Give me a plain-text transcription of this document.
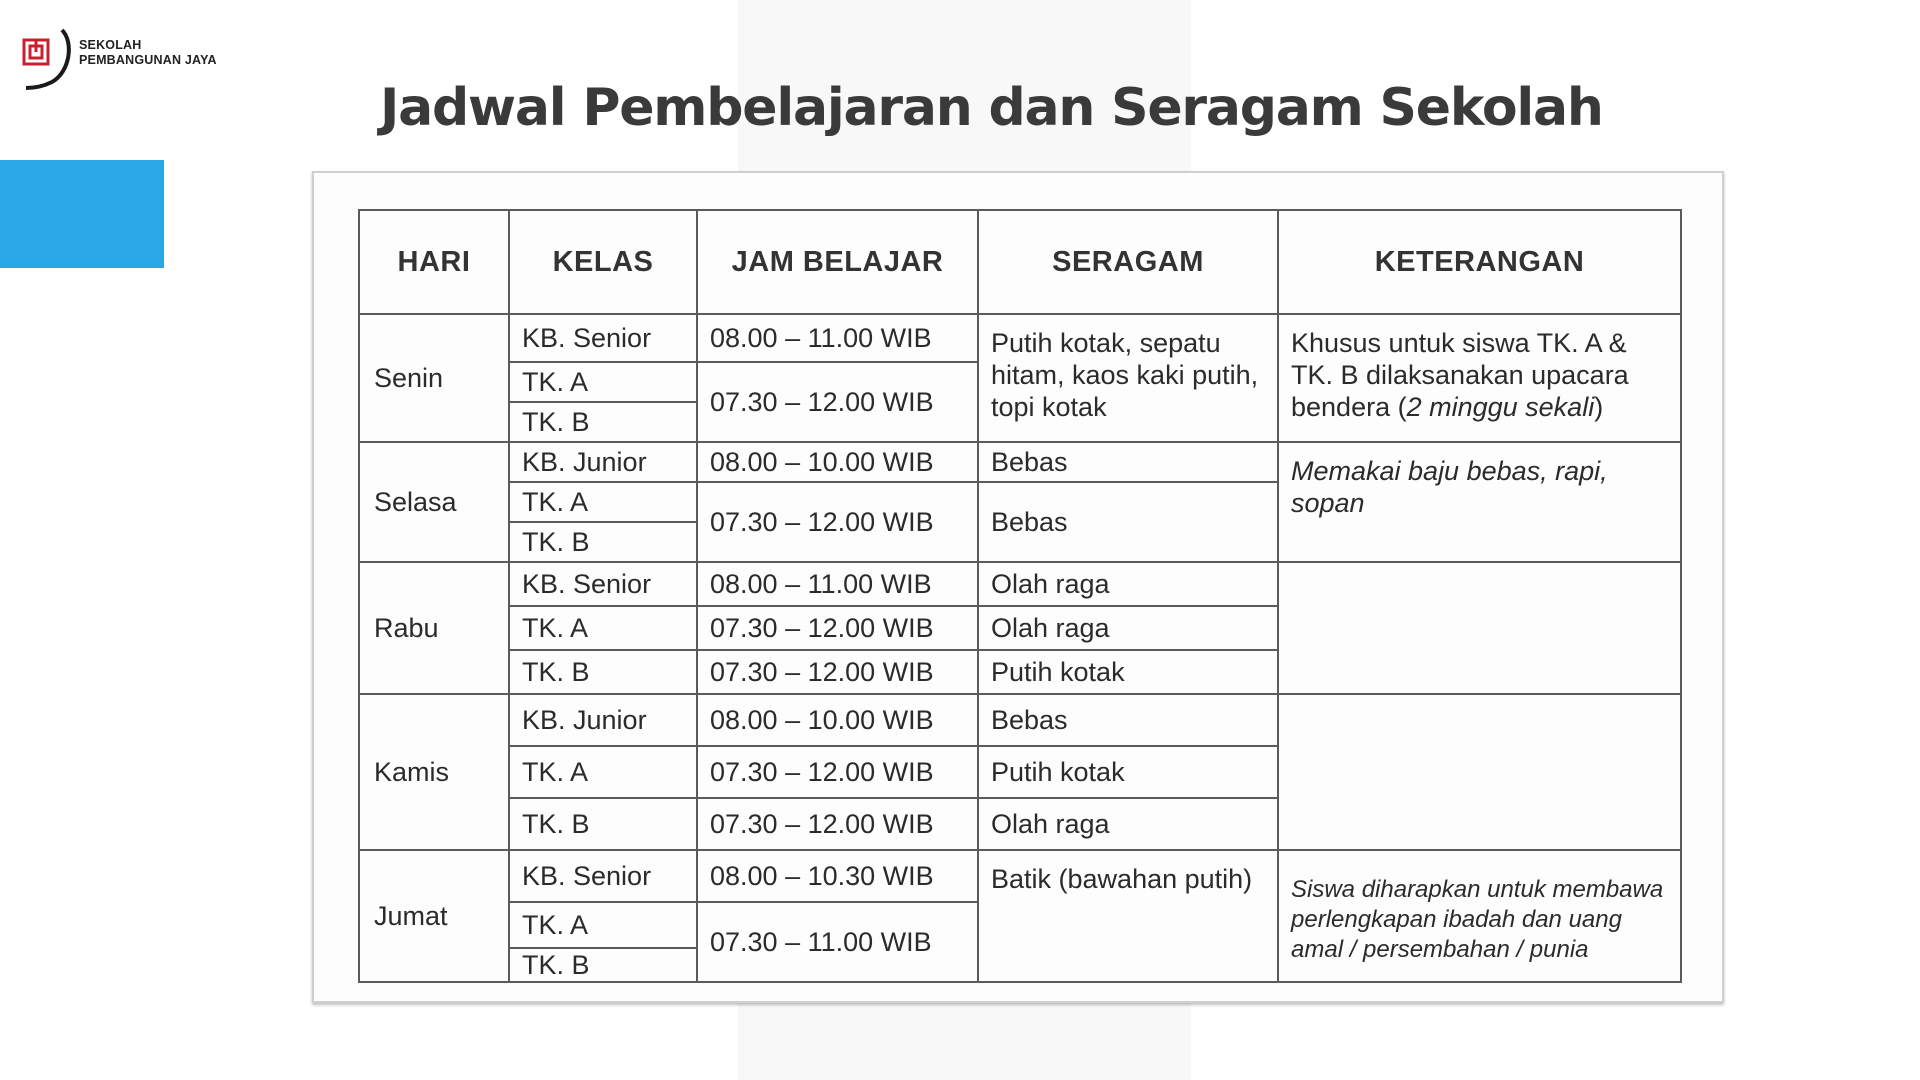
SEKOLAH
PEMBANGUNAN JAYA
Jadwal Pembelajaran dan Seragam Sekolah
HARI	KELAS	JAM BELAJAR	SERAGAM	KETERANGAN
Senin	KB. Senior	08.00 – 11.00 WIB	Putih kotak, sepatu hitam, kaos kaki putih, topi kotak	Khusus untuk siswa TK. A & TK. B dilaksanakan upacara bendera (2 minggu sekali)
	TK. A	07.30 – 12.00 WIB		
	TK. B			
Selasa	KB. Junior	08.00 – 10.00 WIB	Bebas	Memakai baju bebas, rapi, sopan
	TK. A	07.30 – 12.00 WIB	Bebas	
	TK. B			
Rabu	KB. Senior	08.00 – 11.00 WIB	Olah raga	
	TK. A	07.30 – 12.00 WIB	Olah raga	
	TK. B	07.30 – 12.00 WIB	Putih kotak	
Kamis	KB. Junior	08.00 – 10.00 WIB	Bebas	
	TK. A	07.30 – 12.00 WIB	Putih kotak	
	TK. B	07.30 – 12.00 WIB	Olah raga	
Jumat	KB. Senior	08.00 – 10.30 WIB	Batik (bawahan putih)	Siswa diharapkan untuk membawa perlengkapan ibadah dan uang amal / persembahan / punia
	TK. A	07.30 – 11.00 WIB		
	TK. B			
